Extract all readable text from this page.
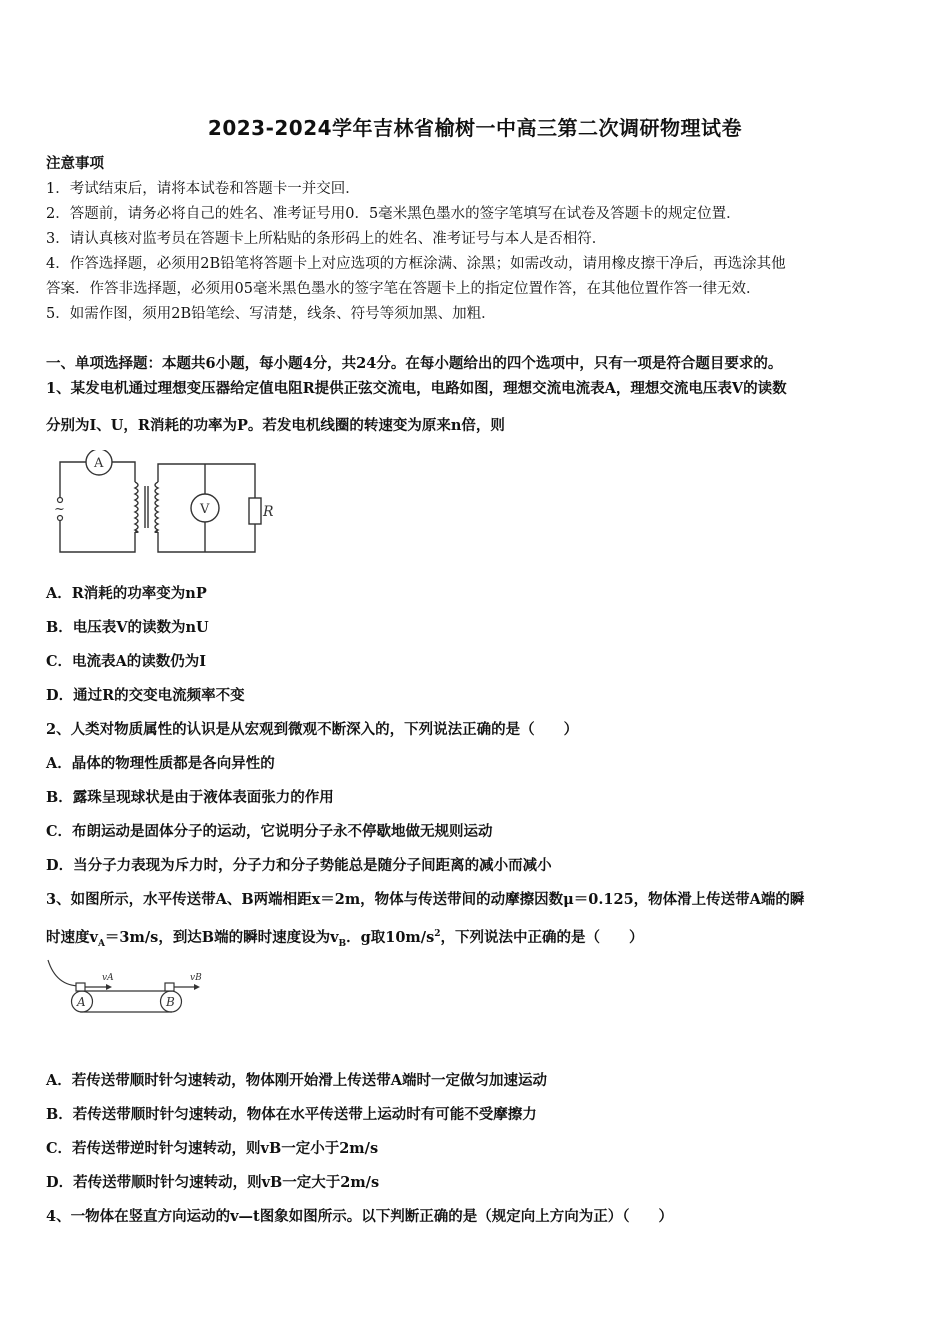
2023-2024学年吉林省榆树一中高三第二次调研物理试卷
注意事项
1．考试结束后，请将本试卷和答题卡一并交回．
2．答题前，请务必将自己的姓名、准考证号用0．5毫米黑色墨水的签字笔填写在试卷及答题卡的规定位置．
3．请认真核对监考员在答题卡上所粘贴的条形码上的姓名、准考证号与本人是否相符．
4．作答选择题，必须用2B铅笔将答题卡上对应选项的方框涂满、涂黑；如需改动，请用橡皮擦干净后，再选涂其他
答案．作答非选择题，必须用05毫米黑色墨水的签字笔在答题卡上的指定位置作答，在其他位置作答一律无效．
5．如需作图，须用2B铅笔绘、写清楚，线条、符号等须加黑、加粗．
一、单项选择题：本题共6小题，每小题4分，共24分。在每小题给出的四个选项中，只有一项是符合题目要求的。
1、某发电机通过理想变压器给定值电阻R提供正弦交流电，电路如图，理想交流电流表A，理想交流电压表V的读数
分别为I、U，R消耗的功率为P。若发电机线圈的转速变为原来n倍，则
~
A
V	R
A．R消耗的功率变为nP
B．电压表V的读数为nU
C．电流表A的读数仍为I
D．通过R的交变电流频率不变
2、人类对物质属性的认识是从宏观到微观不断深入的，下列说法正确的是（　　）
A．晶体的物理性质都是各向异性的
B．露珠呈现球状是由于液体表面张力的作用
C．布朗运动是固体分子的运动，它说明分子永不停歇地做无规则运动
D．当分子力表现为斥力时，分子力和分子势能总是随分子间距离的减小而减小
3、如图所示，水平传送带A、B两端相距x＝2m，物体与传送带间的动摩擦因数μ＝0.125，物体滑上传送带A端的瞬
时速度$v_A=3m/s$，到达B端的瞬时速度设为$v_B$．g取$10m/s^2$，下列说法中正确的是（　　）
A	B
vA	vB
A．若传送带顺时针匀速转动，物体刚开始滑上传送带A端时一定做匀加速运动
B．若传送带顺时针匀速转动，物体在水平传送带上运动时有可能不受摩擦力
C．若传送带逆时针匀速转动，则vB一定小于2m/s
D．若传送带顺时针匀速转动，则vB一定大于2m/s
4、一物体在竖直方向运动的v—t图象如图所示。以下判断正确的是（规定向上方向为正）（　　）
